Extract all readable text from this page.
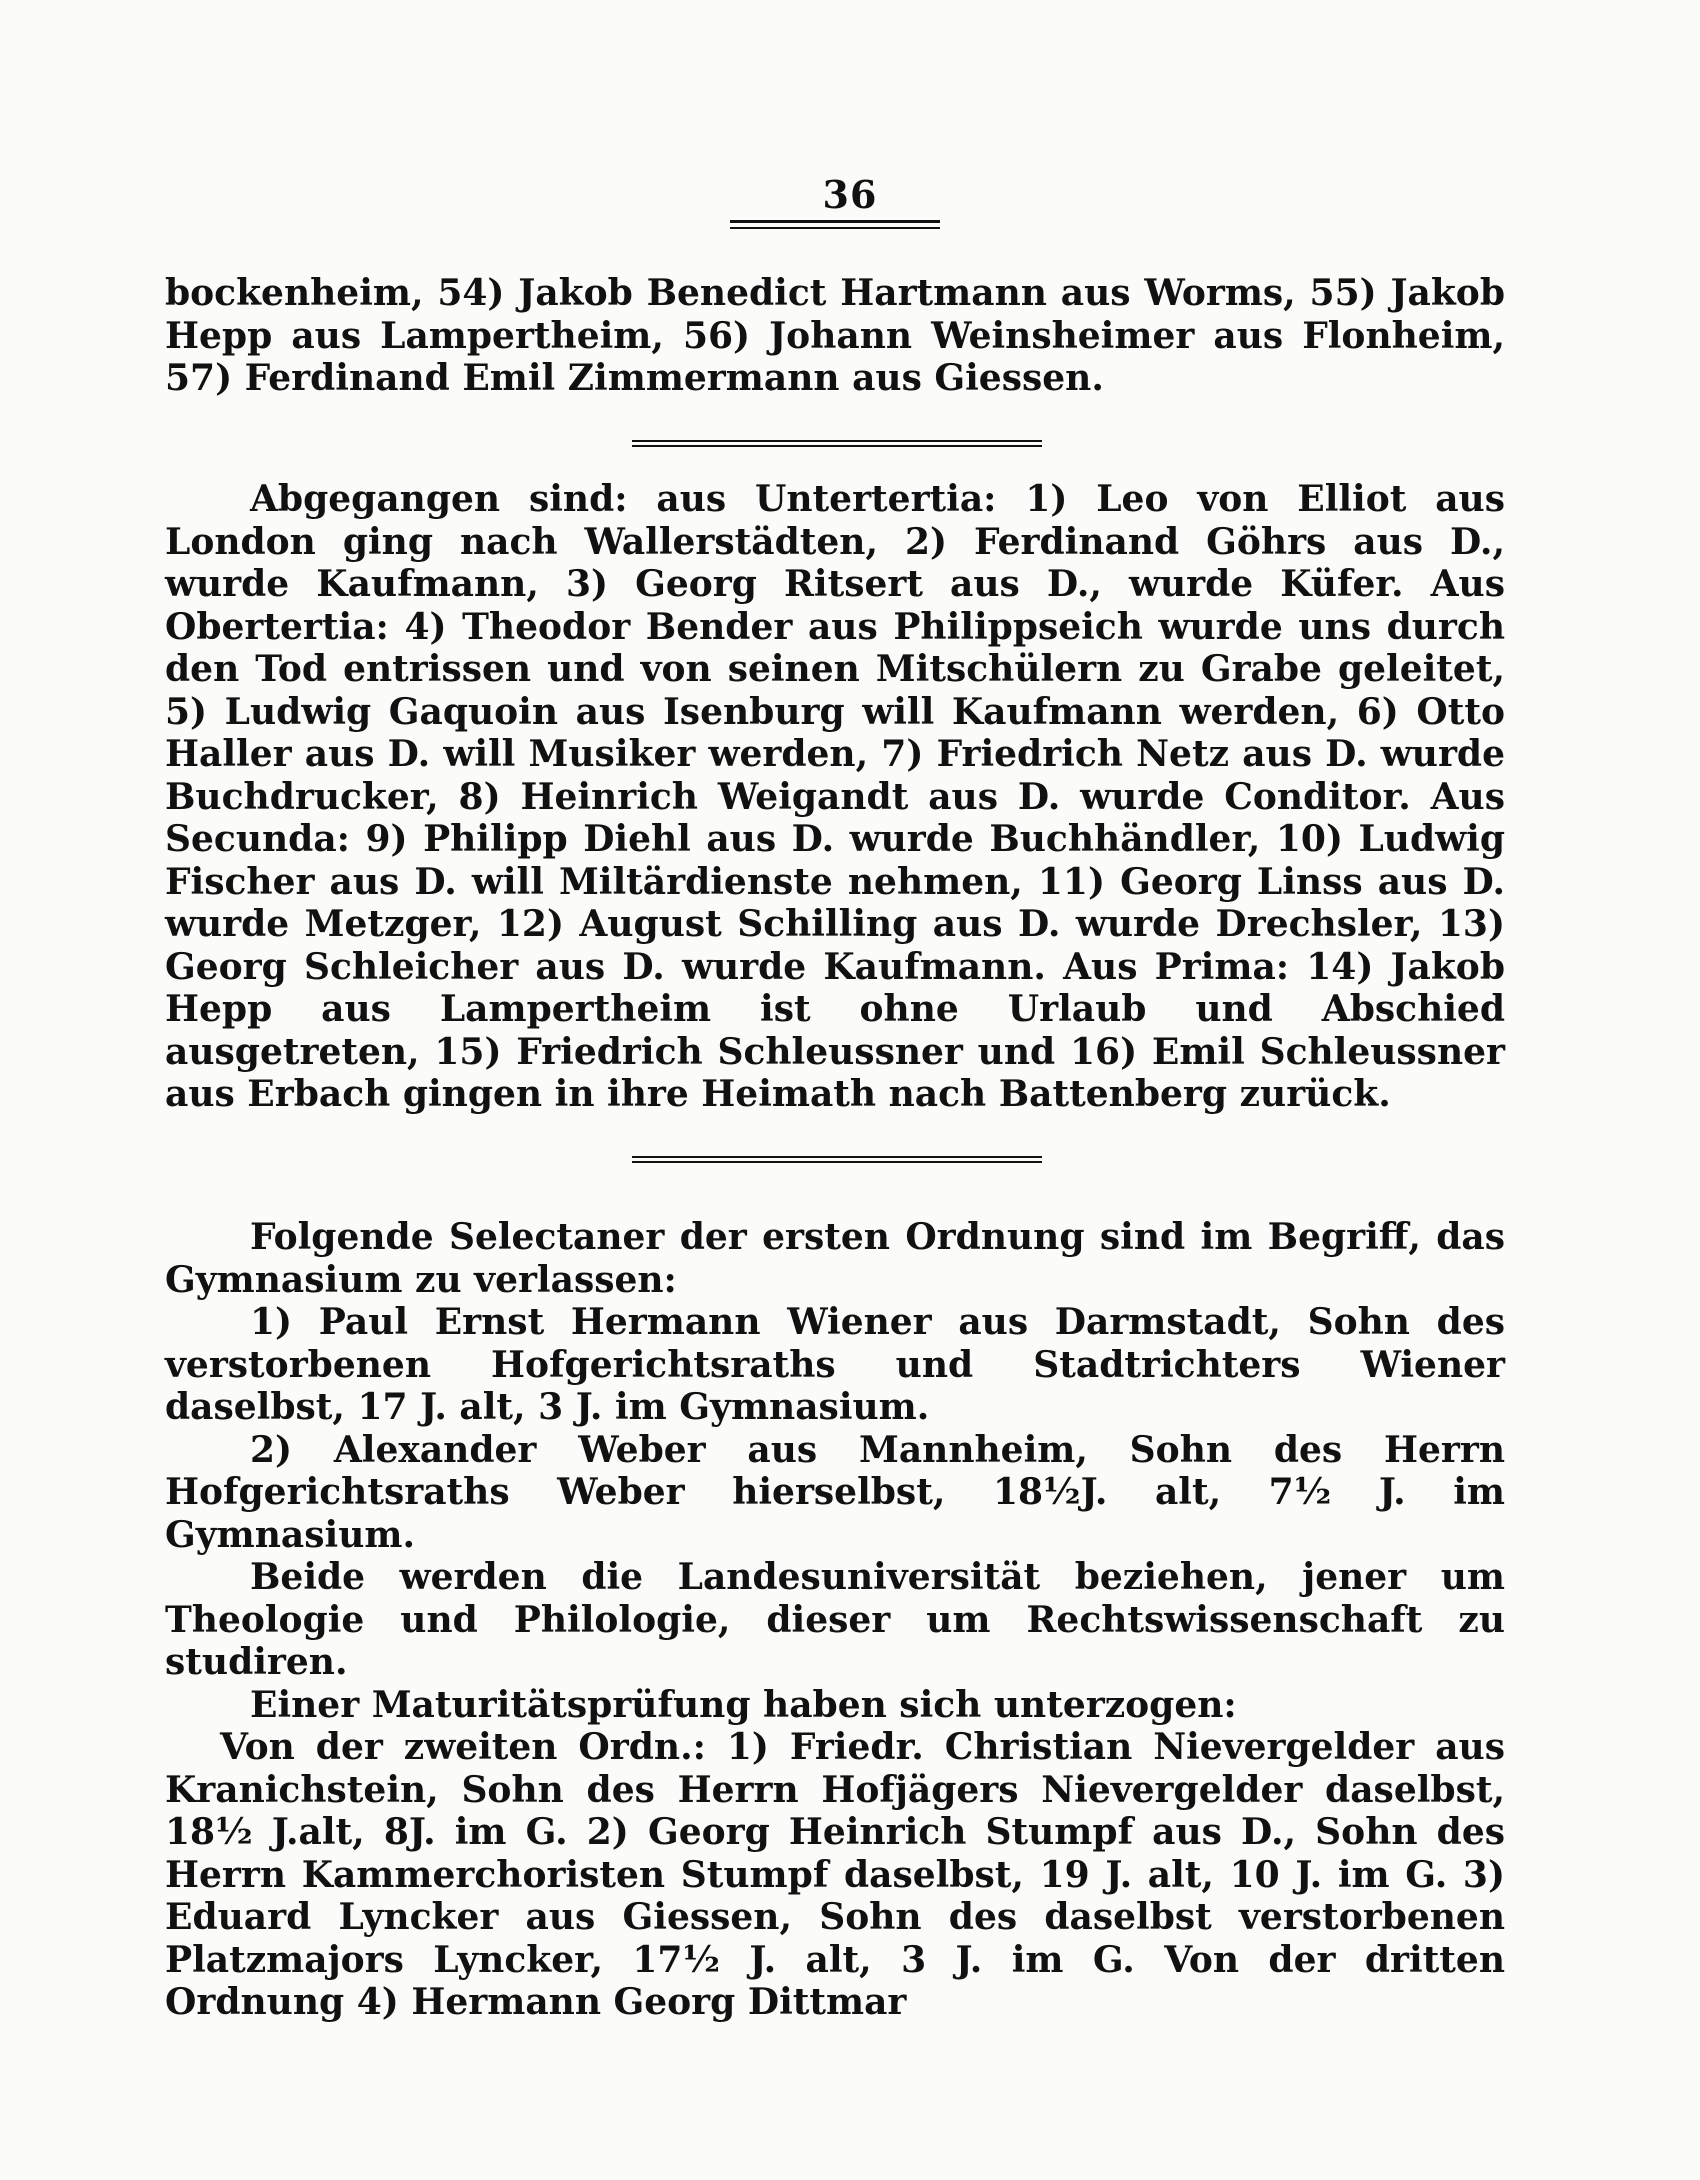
36

bockenheim, 54) Jakob Benedict Hartmann aus Worms, 55) Jakob Hepp aus Lampertheim, 56) Johann Weinsheimer aus Flonheim, 57) Ferdinand Emil Zimmermann aus Giessen.

Abgegangen sind: aus Untertertia: 1) Leo von Elliot aus London ging nach Wallerstädten, 2) Ferdinand Göhrs aus D., wurde Kaufmann, 3) Georg Ritsert aus D., wurde Küfer. Aus Obertertia: 4) Theodor Bender aus Philippseich wurde uns durch den Tod entrissen und von seinen Mitschülern zu Grabe geleitet, 5) Ludwig Gaquoin aus Isenburg will Kaufmann werden, 6) Otto Haller aus D. will Musiker werden, 7) Friedrich Netz aus D. wurde Buchdrucker, 8) Heinrich Weigandt aus D. wurde Conditor. Aus Secunda: 9) Philipp Diehl aus D. wurde Buchhändler, 10) Ludwig Fischer aus D. will Miltärdienste nehmen, 11) Georg Linss aus D. wurde Metzger, 12) August Schilling aus D. wurde Drechsler, 13) Georg Schleicher aus D. wurde Kaufmann. Aus Prima: 14) Jakob Hepp aus Lampertheim ist ohne Urlaub und Abschied ausgetreten, 15) Friedrich Schleussner und 16) Emil Schleussner aus Erbach gingen in ihre Heimath nach Battenberg zurück.

Folgende Selectaner der ersten Ordnung sind im Begriff, das Gymnasium zu verlassen:

1) Paul Ernst Hermann Wiener aus Darmstadt, Sohn des verstorbenen Hofgerichtsraths und Stadtrichters Wiener daselbst, 17 J. alt, 3 J. im Gymnasium.

2) Alexander Weber aus Mannheim, Sohn des Herrn Hofgerichtsraths Weber hierselbst, 18½J. alt, 7½ J. im Gymnasium.

Beide werden die Landesuniversität beziehen, jener um Theologie und Philologie, dieser um Rechtswissenschaft zu studiren.

Einer Maturitätsprüfung haben sich unterzogen:

Von der zweiten Ordn.: 1) Friedr. Christian Nievergelder aus Kranichstein, Sohn des Herrn Hofjägers Nievergelder daselbst, 18½ J.alt, 8J. im G. 2) Georg Heinrich Stumpf aus D., Sohn des Herrn Kammerchoristen Stumpf daselbst, 19 J. alt, 10 J. im G. 3) Eduard Lyncker aus Giessen, Sohn des daselbst verstorbenen Platzmajors Lyncker, 17½ J. alt, 3 J. im G. Von der dritten Ordnung 4) Hermann Georg Dittmar
